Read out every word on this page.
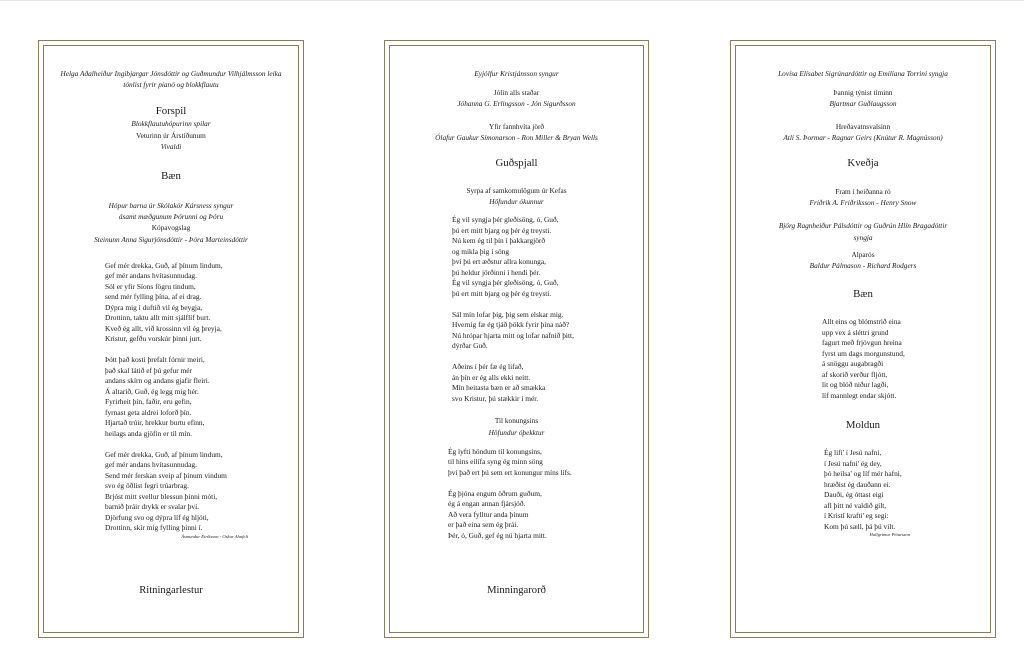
Helga Aðalheiður Ingibjargar Jónsdóttir og Guðmundur Vilhjálmsson leika tónlist fyrir píanó og blokkflautu
Forspil
Blokkflautuhópurinn spilar
Veturinn úr Árstíðunum
Vivaldi
Bæn
Hópur barna úr Skólakór Kársness syngur
ásamt mæðgunum Þórunni og Þóru
Kópavogslag
Steinunn Anna Sigurjónsdóttir - Þóra Marteinsdóttir
Gef mér drekka, Guð, af þínum lindum,
gef mér andans hvítasunnudag.
Sól er yfir Síons fögru tindum,
send mér fylling þína, af ei drag.
Dýpra mig í duftið vil ég beygja,
Drottinn, taktu allt mitt sjálflíf burt.
Kveð ég allt, við krossinn vil ég þreyja,
Kristur, gefðu vorskúr þinni jurt.

Þótt það kosti þrefalt fórnir meiri,
það skal látið ef þú gefur mér
andans skírn og andans gjafir fleiri.
Á altarið, Guð, ég legg mig hér.
Fyrirheit þín, faðir, eru gefin,
fyrnast geta aldrei loforð þín.
Hjartað trúir, hrekkur burtu efinn,
heilags anda gjöfin er til mín.

Gef mér drekka, Guð, af þínum lindum,
gef mér andans hvítasunnudag.
Send mér ferskan sveip af þínum vindum
svo ég öðlist fegri trúarbrag.
Brjóst mitt svellur blessun þinni móti,
barnið þráir drykk er svalar því.
Djörfung svo og dýpra líf ég hljóti,
Drottinn, skír mig fylling þinni í.
Ásmundur Eiríksson - Oskar Ahnfelt
Ritningarlestur
Eyjólfur Kristjánsson syngur
Jólin alls staðar
Jóhanna G. Erlingsson - Jón Sigurðsson
Yfir fannhvíta jörð
Ólafur Gaukur Símonarson - Ron Miller & Bryan Wells
Guðspjall
Syrpa af samkomulögum úr Kefas
Höfundur ókunnur
Ég vil syngja þér gleðisöng, ó, Guð,
þú ert mitt bjarg og þér ég treysti.
Nú kem ég til þín í þakkargjörð
og mikla þig í söng
því þú ert æðstur allra konunga,
þú heldur jörðinni í hendi þér.
Ég vil syngja þér gleðisöng, ó, Guð,
þú ert mitt bjarg og þér ég treysti.

Sál mín lofar þig, þig sem elskar mig.
Hvernig fæ ég tjáð þökk fyrir þína náð?
Nú hrópar hjarta mitt og lofar nafnið þitt,
dýrðar Guð.

Aðeins í þér fæ ég lifað,
án þín er ég alls ekki neitt.
Mín heitasta bæn er að smækka
svo Kristur, þú stækkir í mér.
Til konungsins
Höfundur óþekktur
Ég lyfti höndum til konungsins,
til hins eilífa syng ég minn söng
því það ert þú sem ert konungur míns lífs.

Ég þjóna engum öðrum guðum,
ég á engan annan fjársjóð.
Að vera fylltur anda þínum
er það eina sem ég þrái.
Þér, ó, Guð, gef ég nú hjarta mitt.
Minningarorð
Lovísa Elísabet Sigrúnardóttir og Emilíana Torrini syngja
Þannig týnist tíminn
Bjartmar Guðlaugsson
Hreðavatnsvalsinn
Atli S. Þormar - Ragnar Geirs (Knútur R. Magnússon)
Kveðja
Fram í heiðanna ró
Friðrik A. Friðriksson - Henry Snow
Björg Ragnheiður Pálsdóttir og Guðrún Hlín Bragadóttir
syngja
Alparós
Baldur Pálmason - Richard Rodgers
Bæn
Allt eins og blómstrið eina
upp vex á sléttri grund
fagurt með frjóvgun hreina
fyrst um dags morgunstund,
á snöggu augabragði
af skorið verður fljótt,
lit og blóð niður lagði,
líf mannlegt endar skjótt.
Moldun
Ég lifi' í Jesú nafni,
í Jesú nafni' ég dey,
þó heilsa' og líf mér hafni,
hræðist ég dauðann ei.
Dauði, ég óttast eigi
afl þitt né valdið gilt,
í Kristí krafti' eg segi:
Kom þú sæll, þá þú vilt.
Hallgrímur Pétursson
